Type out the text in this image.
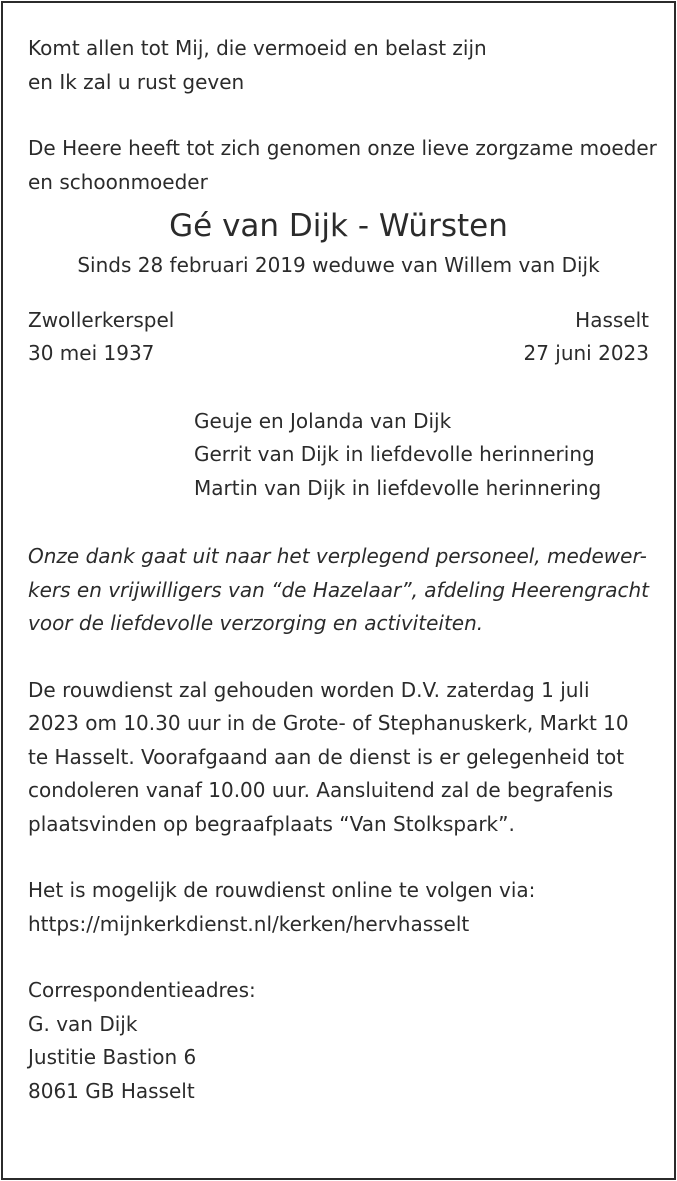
Komt allen tot Mij, die vermoeid en belast zijn
en Ik zal u rust geven

De Heere heeft tot zich genomen onze lieve zorgzame moeder
en schoonmoeder

Gé van Dijk - Würsten
Sinds 28 februari 2019 weduwe van Willem van Dijk
Zwollerkerspel
30 mei 1937
Hasselt
27 juni 2023
Geuje en Jolanda van Dijk
Gerrit van Dijk in liefdevolle herinnering
Martin van Dijk in liefdevolle herinnering

Onze dank gaat uit naar het verplegend personeel, medewer-
kers en vrijwilligers van “de Hazelaar”, afdeling Heerengracht
voor de liefdevolle verzorging en activiteiten.

De rouwdienst zal gehouden worden D.V. zaterdag 1 juli
2023 om 10.30 uur in de Grote- of Stephanuskerk, Markt 10
te Hasselt. Voorafgaand aan de dienst is er gelegenheid tot
condoleren vanaf 10.00 uur. Aansluitend zal de begrafenis
plaatsvinden op begraafplaats “Van Stolkspark”.

Het is mogelijk de rouwdienst online te volgen via:
https://mijnkerkdienst.nl/kerken/hervhasselt

Correspondentieadres:
G. van Dijk
Justitie Bastion 6
8061 GB Hasselt
